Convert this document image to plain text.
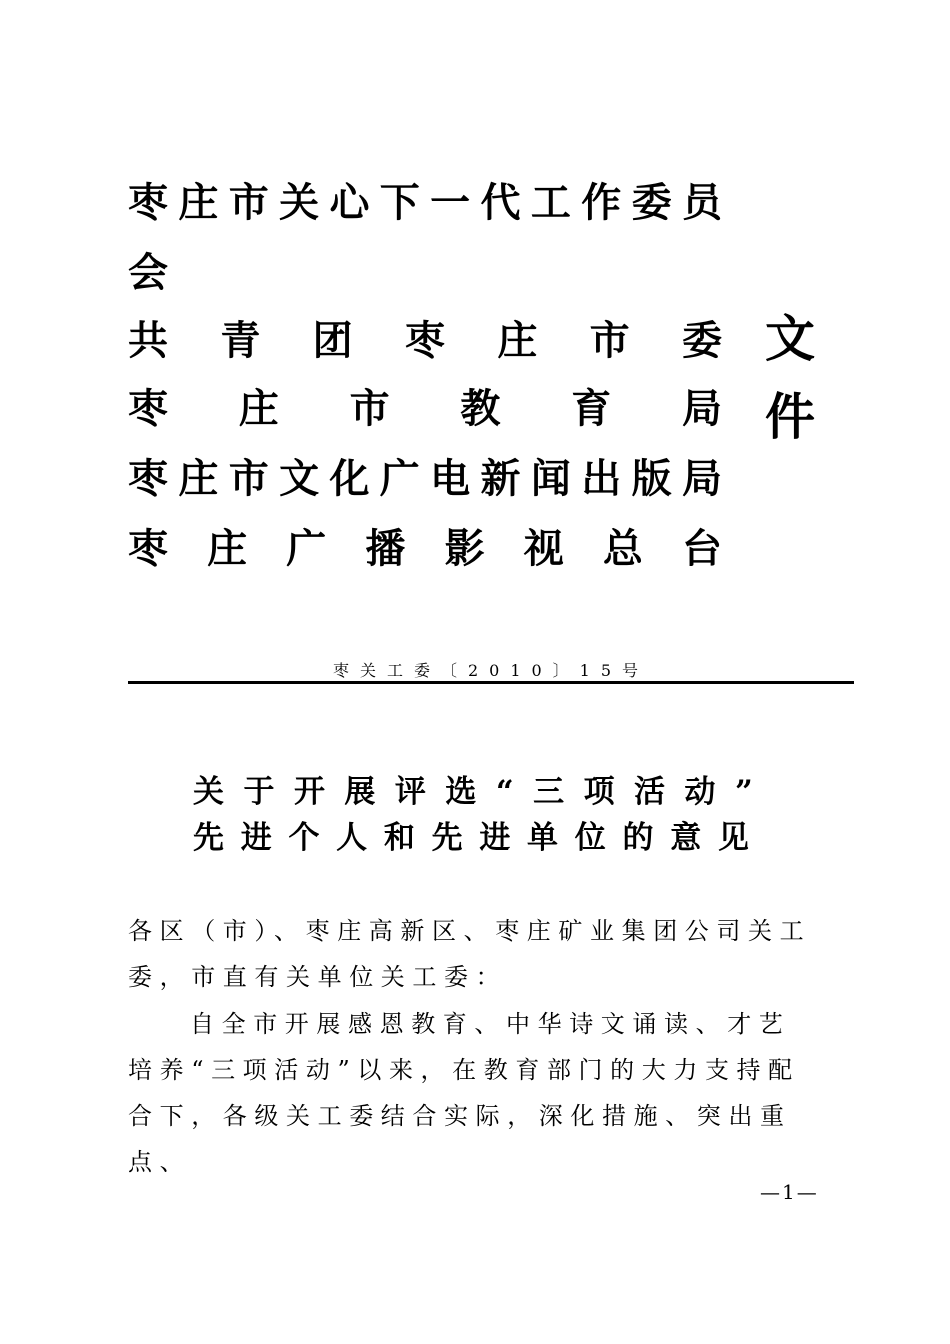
枣 庄 市 关 心 下 一 代 工 作 委 员
会
共 青 团 枣 庄 市 委
枣 庄 市 教 育 局
枣 庄 市 文 化 广 电 新 闻 出 版 局
枣 庄 广 播 影 视 总 台
文件
枣关工委〔2010〕15号
关 于 开 展 评 选 “ 三 项 活 动 ”
先 进 个 人 和 先 进 单 位 的 意 见
各区（市）、枣庄高新区、枣庄矿业集团公司关工委，市直有关单位关工委：
自全市开展感恩教育、中华诗文诵读、才艺培养“三项活动”以来，在教育部门的大力支持配合下，各级关工委结合实际，深化措施、突出重点、
—1—
